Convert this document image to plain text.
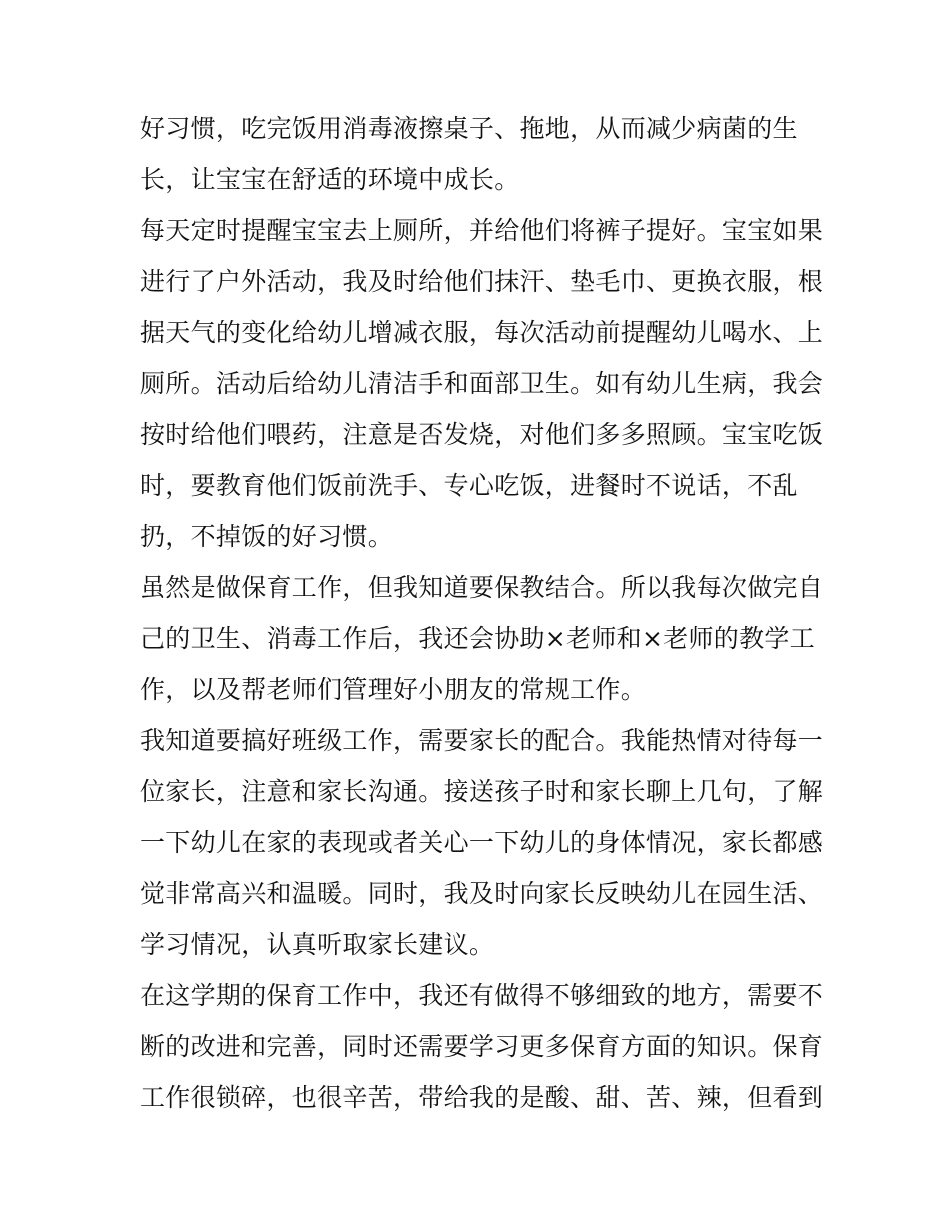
好习惯，吃完饭用消毒液擦桌子、拖地，从而减少病菌的生
长，让宝宝在舒适的环境中成长。
每天定时提醒宝宝去上厕所，并给他们将裤子提好。宝宝如果
进行了户外活动，我及时给他们抹汗、垫毛巾、更换衣服，根
据天气的变化给幼儿增减衣服，每次活动前提醒幼儿喝水、上
厕所。活动后给幼儿清洁手和面部卫生。如有幼儿生病，我会
按时给他们喂药，注意是否发烧，对他们多多照顾。宝宝吃饭
时，要教育他们饭前洗手、专心吃饭，进餐时不说话，不乱
扔，不掉饭的好习惯。
虽然是做保育工作，但我知道要保教结合。所以我每次做完自
己的卫生、消毒工作后，我还会协助×老师和×老师的教学工
作，以及帮老师们管理好小朋友的常规工作。
我知道要搞好班级工作，需要家长的配合。我能热情对待每一
位家长，注意和家长沟通。接送孩子时和家长聊上几句，了解
一下幼儿在家的表现或者关心一下幼儿的身体情况，家长都感
觉非常高兴和温暖。同时，我及时向家长反映幼儿在园生活、
学习情况，认真听取家长建议。
在这学期的保育工作中，我还有做得不够细致的地方，需要不
断的改进和完善，同时还需要学习更多保育方面的知识。保育
工作很锁碎，也很辛苦，带给我的是酸、甜、苦、辣，但看到
